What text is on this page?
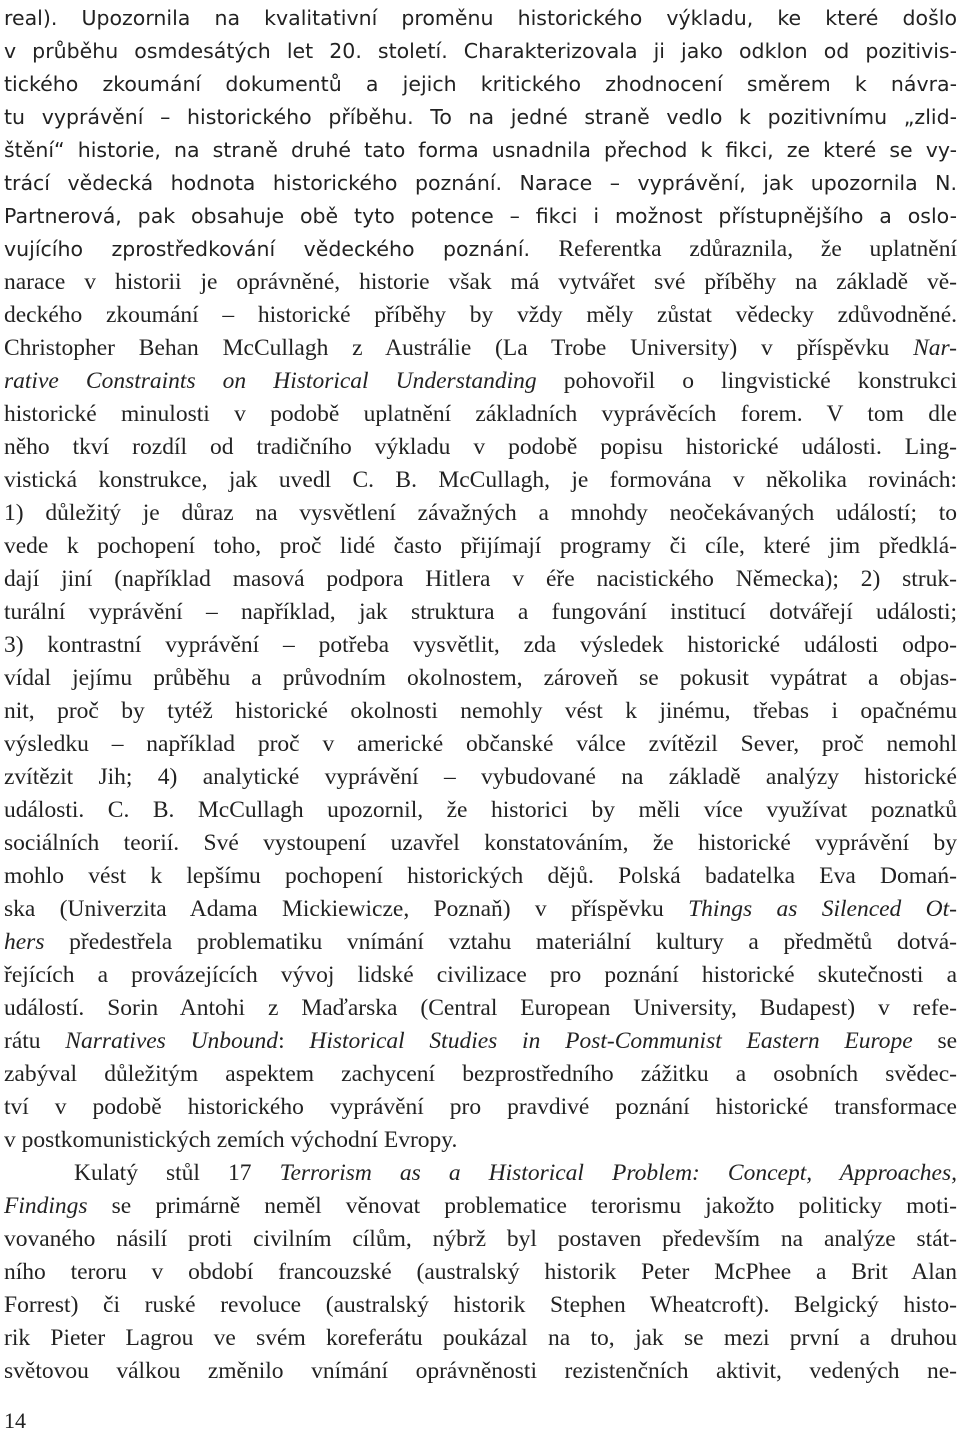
real). Upozornila na kvalitativní proměnu historického výkladu, ke které došlo
v průběhu osmdesátých let 20. století. Charakterizovala ji jako odklon od pozitivis-
tického zkoumání dokumentů a jejich kritického zhodnocení směrem k návra-
tu vyprávění – historického příběhu. To na jedné straně vedlo k pozitivnímu „zlid-
štění“ historie, na straně druhé tato forma usnadnila přechod k fikci, ze které se vy-
trácí vědecká hodnota historického poznání. Narace – vyprávění, jak upozornila N.
Partnerová, pak obsahuje obě tyto potence – fikci i možnost přístupnějšího a oslo-
vujícího zprostředkování vědeckého poznání. Referentka zdůraznila, že uplatnění
narace v historii je oprávněné, historie však má vytvářet své příběhy na základě vě-
deckého zkoumání – historické příběhy by vždy měly zůstat vědecky zdůvodněné.
Christopher Behan McCullagh z Austrálie (La Trobe University) v příspěvku Nar-
rative Constraints on Historical Understanding pohovořil o lingvistické konstrukci
historické minulosti v podobě uplatnění základních vyprávěcích forem. V tom dle
něho tkví rozdíl od tradičního výkladu v podobě popisu historické události. Ling-
vistická konstrukce, jak uvedl C. B. McCullagh, je formována v několika rovinách:
1) důležitý je důraz na vysvětlení závažných a mnohdy neočekávaných událostí; to
vede k pochopení toho, proč lidé často přijímají programy či cíle, které jim předklá-
dají jiní (například masová podpora Hitlera v éře nacistického Německa); 2) struk-
turální vyprávění – například, jak struktura a fungování institucí dotvářejí události;
3) kontrastní vyprávění – potřeba vysvětlit, zda výsledek historické události odpo-
vídal jejímu průběhu a průvodním okolnostem, zároveň se pokusit vypátrat a objas-
nit, proč by tytéž historické okolnosti nemohly vést k jinému, třebas i opačnému
výsledku – například proč v americké občanské válce zvítězil Sever, proč nemohl
zvítězit Jih; 4) analytické vyprávění – vybudované na základě analýzy historické
události. C. B. McCullagh upozornil, že historici by měli více využívat poznatků
sociálních teorií. Své vystoupení uzavřel konstatováním, že historické vyprávění by
mohlo vést k lepšímu pochopení historických dějů. Polská badatelka Eva Domań-
ska (Univerzita Adama Mickiewicze, Poznaň) v příspěvku Things as Silenced Ot-
hers předestřela problematiku vnímání vztahu materiální kultury a předmětů dotvá-
řejících a provázejících vývoj lidské civilizace pro poznání historické skutečnosti a
událostí. Sorin Antohi z Maďarska (Central European University, Budapest) v refe-
rátu Narratives Unbound: Historical Studies in Post-Communist Eastern Europe se
zabýval důležitým aspektem zachycení bezprostředního zážitku a osobních svědec-
tví v podobě historického vyprávění pro pravdivé poznání historické transformace
v postkomunistických zemích východní Evropy.
Kulatý stůl 17 Terrorism as a Historical Problem: Concept, Approaches,
Findings se primárně neměl věnovat problematice terorismu jakožto politicky moti-
vovaného násilí proti civilním cílům, nýbrž byl postaven především na analýze stát-
ního teroru v období francouzské (australský historik Peter McPhee a Brit Alan
Forrest) či ruské revoluce (australský historik Stephen Wheatcroft). Belgický histo-
rik Pieter Lagrou ve svém koreferátu poukázal na to, jak se mezi první a druhou
světovou válkou změnilo vnímání oprávněnosti rezistenčních aktivit, vedených ne-
14
